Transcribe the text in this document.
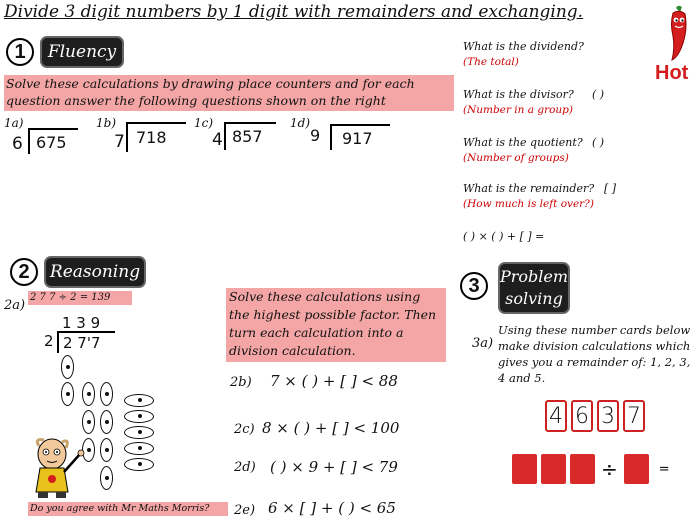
Divide 3 digit numbers by 1 digit with remainders and exchanging.
Hot
1	Fluency
Solve these calculations by drawing place counters and for each question answer the following questions shown on the right
1a)
6 675
1b)
7 718
1c)
4 857
1d)
9	917
What is the dividend?
(The total)
What is the divisor? ( )
(Number in a group)
What is the quotient? ( )
(Number of groups)
What is the remainder? [ ]
(How much is left over?)
( ) × ( ) + [ ] =
2	Reasoning
2a)
2 7 7 ÷ 2 = 139
1 3 9
2 2 7'7
Do you agree with Mr Maths Morris?
Solve these calculations using the highest possible factor. Then turn each calculation into a division calculation.
2b) 7 × ( ) + [ ] < 88
2c) 8 × ( ) + [ ] < 100
2d) ( ) × 9 + [ ] < 79
2e) 6 × [ ] + ( ) < 65
3	Problem
solving
3a)
Using these number cards below make division calculations which gives you a remainder of: 1, 2, 3, 4 and 5.
4 6 3 7
÷	=
